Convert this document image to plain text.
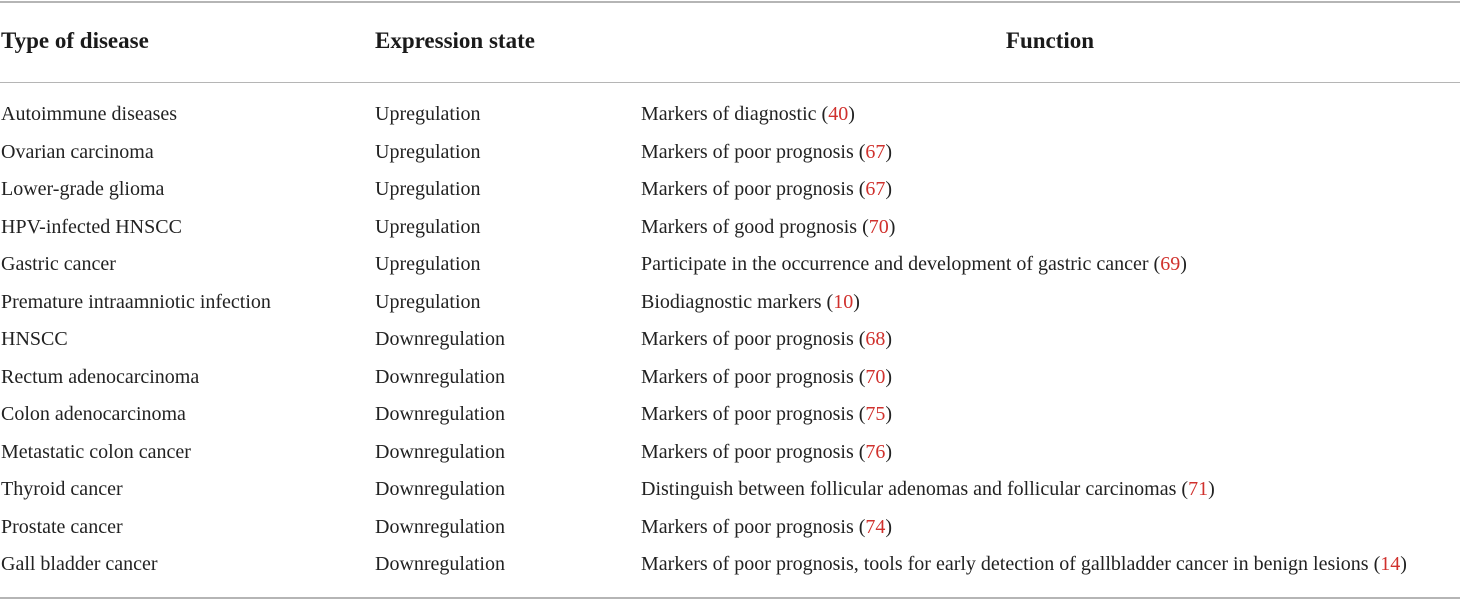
Type of disease	Expression state	Function

Autoimmune diseases	Upregulation	Markers of diagnostic (40)
Ovarian carcinoma	Upregulation	Markers of poor prognosis (67)
Lower-grade glioma	Upregulation	Markers of poor prognosis (67)
HPV-infected HNSCC	Upregulation	Markers of good prognosis (70)
Gastric cancer	Upregulation	Participate in the occurrence and development of gastric cancer (69)
Premature intraamniotic infection	Upregulation	Biodiagnostic markers (10)
HNSCC	Downregulation	Markers of poor prognosis (68)
Rectum adenocarcinoma	Downregulation	Markers of poor prognosis (70)
Colon adenocarcinoma	Downregulation	Markers of poor prognosis (75)
Metastatic colon cancer	Downregulation	Markers of poor prognosis (76)
Thyroid cancer	Downregulation	Distinguish between follicular adenomas and follicular carcinomas (71)
Prostate cancer	Downregulation	Markers of poor prognosis (74)
Gall bladder cancer	Downregulation	Markers of poor prognosis, tools for early detection of gallbladder cancer in benign lesions (14)
